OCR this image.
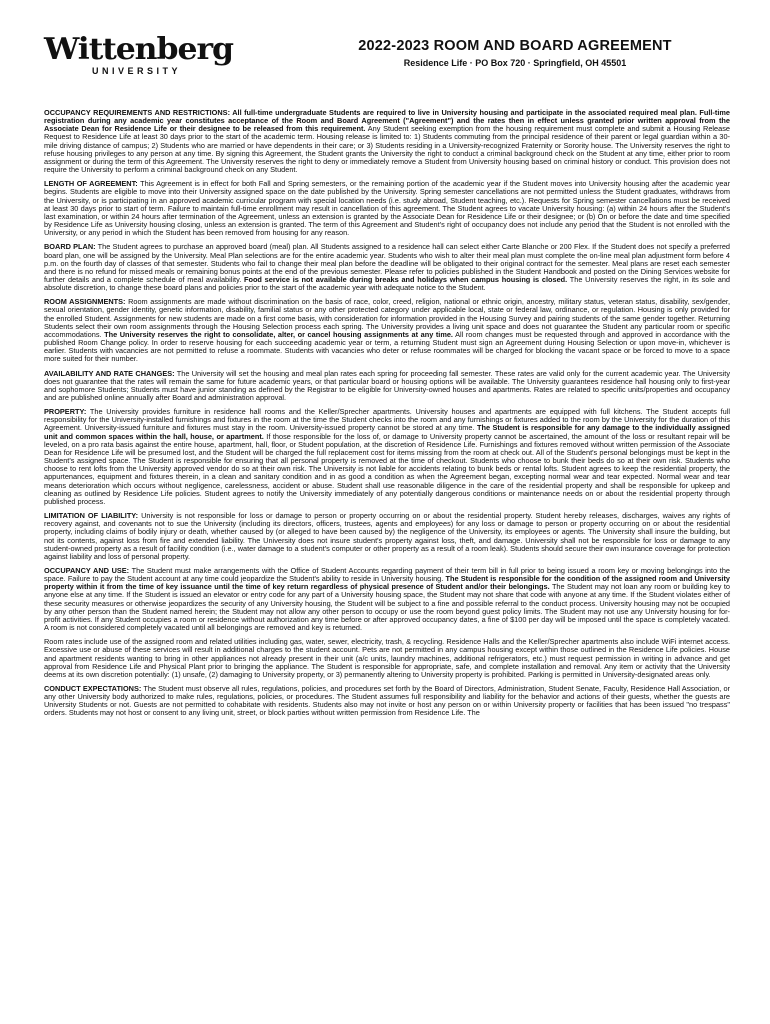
Wittenberg
UNIVERSITY

2022-2023 ROOM AND BOARD AGREEMENT

Residence Life · PO Box 720 · Springfield, OH 45501

OCCUPANCY REQUIREMENTS AND RESTRICTIONS: All full-time undergraduate Students are required to live in University housing and participate in the associated required meal plan. Full-time registration during any academic year constitutes acceptance of the Room and Board Agreement ("Agreement") and the rates then in effect unless granted prior written approval from the Associate Dean for Residence Life or their designee to be released from this requirement. Any Student seeking exemption from the housing requirement must complete and submit a Housing Release Request to Residence Life at least 30 days prior to the start of the academic term. Housing release is limited to: 1) Students commuting from the principal residence of their parent or legal guardian within a 30-mile driving distance of campus; 2) Students who are married or have dependents in their care; or 3) Students residing in a University-recognized Fraternity or Sorority house. The University reserves the right to refuse housing privileges to any person at any time. By signing this Agreement, the Student grants the University the right to conduct a criminal background check on the Student at any time, either prior to room assignment or during the term of this Agreement. The University reserves the right to deny or immediately remove a Student from University housing based on criminal history or conduct. This provision does not require the University to perform a criminal background check on any Student.

LENGTH OF AGREEMENT: This Agreement is in effect for both Fall and Spring semesters, or the remaining portion of the academic year if the Student moves into University housing after the academic year begins. Students are eligible to move into their University assigned space on the date published by the University. Spring semester cancellations are not permitted unless the Student graduates, withdraws from the University, or is participating in an approved academic curricular program with special location needs (i.e. study abroad, Student teaching, etc.). Requests for Spring semester cancellations must be received at least 30 days prior to start of term. Failure to maintain full-time enrollment may result in cancellation of this agreement. The Student agrees to vacate University housing: (a) within 24 hours after the Student's last examination, or within 24 hours after termination of the Agreement, unless an extension is granted by the Associate Dean for Residence Life or their designee; or (b) On or before the date and time specified by Residence Life as University housing closing, unless an extension is granted. The term of this Agreement and Student's right of occupancy does not include any period that the Student is not enrolled with the University, or any period in which the Student has been removed from housing for any reason.

BOARD PLAN: The Student agrees to purchase an approved board (meal) plan. All Students assigned to a residence hall can select either Carte Blanche or 200 Flex. If the Student does not specify a preferred board plan, one will be assigned by the University. Meal Plan selections are for the entire academic year. Students who wish to alter their meal plan must complete the on-line meal plan adjustment form before 4 p.m. on the fourth day of classes of that semester. Students who fail to change their meal plan before the deadline will be obligated to their original contract for the semester. Meal plans are reset each semester and there is no refund for missed meals or remaining bonus points at the end of the previous semester. Please refer to policies published in the Student Handbook and posted on the Dining Services website for further details and a complete schedule of meal availability. Food service is not available during breaks and holidays when campus housing is closed. The University reserves the right, in its sole and absolute discretion, to change these board plans and policies prior to the start of the academic year with adequate notice to the Student.

ROOM ASSIGNMENTS: Room assignments are made without discrimination on the basis of race, color, creed, religion, national or ethnic origin, ancestry, military status, veteran status, disability, sex/gender, sexual orientation, gender identity, genetic information, disability, familial status or any other protected category under applicable local, state or federal law, ordinance, or regulation. Housing is only provided for the enrolled Student. Assignments for new students are made on a first come basis, with consideration for information provided in the Housing Survey and pairing students of the same gender together. Returning Students select their own room assignments through the Housing Selection process each spring. The University provides a living unit space and does not guarantee the Student any particular room or specific accommodations. The University reserves the right to consolidate, alter, or cancel housing assignments at any time. All room changes must be requested through and approved in accordance with the published Room Change policy. In order to reserve housing for each succeeding academic year or term, a returning Student must sign an Agreement during Housing Selection or upon move-in, whichever is earlier. Students with vacancies are not permitted to refuse a roommate. Students with vacancies who deter or refuse roommates will be charged for blocking the vacant space or be forced to move to a space more suited for their number.

AVAILABILITY AND RATE CHANGES: The University will set the housing and meal plan rates each spring for proceeding fall semester. These rates are valid only for the current academic year. The University does not guarantee that the rates will remain the same for future academic years, or that particular board or housing options will be available. The University guarantees residence hall housing only to first-year and sophomore Students; Students must have junior standing as defined by the Registrar to be eligible for University-owned houses and apartments. Rates are related to specific units/properties and occupancy and are published online annually after Board and administration approval.

PROPERTY: The University provides furniture in residence hall rooms and the Keller/Sprecher apartments. University houses and apartments are equipped with full kitchens. The Student accepts full responsibility for the University-installed furnishings and fixtures in the room at the time the Student checks into the room and any furnishings or fixtures added to the room by the University for the duration of this Agreement. University-issued furniture and fixtures must stay in the room. University-issued property cannot be stored at any time. The Student is responsible for any damage to the individually assigned unit and common spaces within the hall, house, or apartment. If those responsible for the loss of, or damage to University property cannot be ascertained, the amount of the loss or resultant repair will be leveled, on a pro rata basis against the entire house, apartment, hall, floor, or Student population, at the discretion of Residence Life. Furnishings and fixtures removed without written permission of the Associate Dean for Residence Life will be presumed lost, and the Student will be charged the full replacement cost for items missing from the room at check out. All of the Student's personal belongings must be kept in the Student's assigned space. The Student is responsible for ensuring that all personal property is removed at the time of checkout. Students who choose to bunk their beds do so at their own risk. Students who choose to rent lofts from the University approved vendor do so at their own risk. The University is not liable for accidents relating to bunk beds or rental lofts. Student agrees to keep the residential property, the appurtenances, equipment and fixtures therein, in a clean and sanitary condition and in as good a condition as when the Agreement began, excepting normal wear and tear expected. Normal wear and tear means deterioration which occurs without negligence, carelessness, accident or abuse. Student shall use reasonable diligence in the care of the residential property and shall be responsible for upkeep and cleaning as outlined by Residence Life policies. Student agrees to notify the University immediately of any potentially dangerous conditions or maintenance needs on or about the residential property through published process.

LIMITATION OF LIABILITY: University is not responsible for loss or damage to person or property occurring on or about the residential property. Student hereby releases, discharges, waives any rights of recovery against, and covenants not to sue the University (including its directors, officers, trustees, agents and employees) for any loss or damage to person or property occurring on or about the residential property, including claims of bodily injury or death, whether caused by (or alleged to have been caused by) the negligence of the University, its employees or agents. The University shall insure the building, but not its contents, against loss from fire and extended liability. The University does not insure student's property against loss, theft, and damage. University shall not be responsible for loss or damage to any student-owned property as a result of facility condition (i.e., water damage to a student's computer or other property as a result of a room leak). Students should secure their own insurance coverage for protection against liability and loss of personal property.

OCCUPANCY AND USE: The Student must make arrangements with the Office of Student Accounts regarding payment of their term bill in full prior to being issued a room key or moving belongings into the space. Failure to pay the Student account at any time could jeopardize the Student's ability to reside in University housing. The Student is responsible for the condition of the assigned room and University property within it from the time of key issuance until the time of key return regardless of physical presence of Student and/or their belongings. The Student may not loan any room or building key to anyone else at any time. If the Student is issued an elevator or entry code for any part of a University housing space, the Student may not share that code with anyone at any time. If the Student violates either of these security measures or otherwise jeopardizes the security of any University housing, the Student will be subject to a fine and possible referral to the conduct process. University housing may not be occupied by any other person than the Student named herein; the Student may not allow any other person to occupy or use the room beyond guest policy limits. The Student may not use any University housing for for-profit activities. If any Student occupies a room or residence without authorization any time before or after approved occupancy dates, a fine of $100 per day will be imposed until the space is completely vacated. A room is not considered completely vacated until all belongings are removed and key is returned.

Room rates include use of the assigned room and related utilities including gas, water, sewer, electricity, trash, & recycling. Residence Halls and the Keller/Sprecher apartments also include WiFi internet access. Excessive use or abuse of these services will result in additional charges to the student account. Pets are not permitted in any campus housing except within those outlined in the Residence Life policies. House and apartment residents wanting to bring in other appliances not already present in their unit (a/c units, laundry machines, additional refrigerators, etc.) must request permission in writing in advance and get approval from Residence Life and Physical Plant prior to bringing the appliance. The Student is responsible for appropriate, safe, and complete installation and removal. Any item or activity that the University deems at its own discretion potentially: (1) unsafe, (2) damaging to University property, or 3) permanently altering to University property is prohibited. Parking is permitted in University-designated areas only.

CONDUCT EXPECTATIONS: The Student must observe all rules, regulations, policies, and procedures set forth by the Board of Directors, Administration, Student Senate, Faculty, Residence Hall Association, or any other University body authorized to make rules, regulations, policies, or procedures. The Student assumes full responsibility and liability for the behavior and actions of their guests, whether the guests are University Students or not. Guests are not permitted to cohabitate with residents. Students also may not invite or host any person on or within University property or facilities that has been issued "no trespass" orders. Students may not host or consent to any living unit, street, or block parties without written permission from Residence Life. The
